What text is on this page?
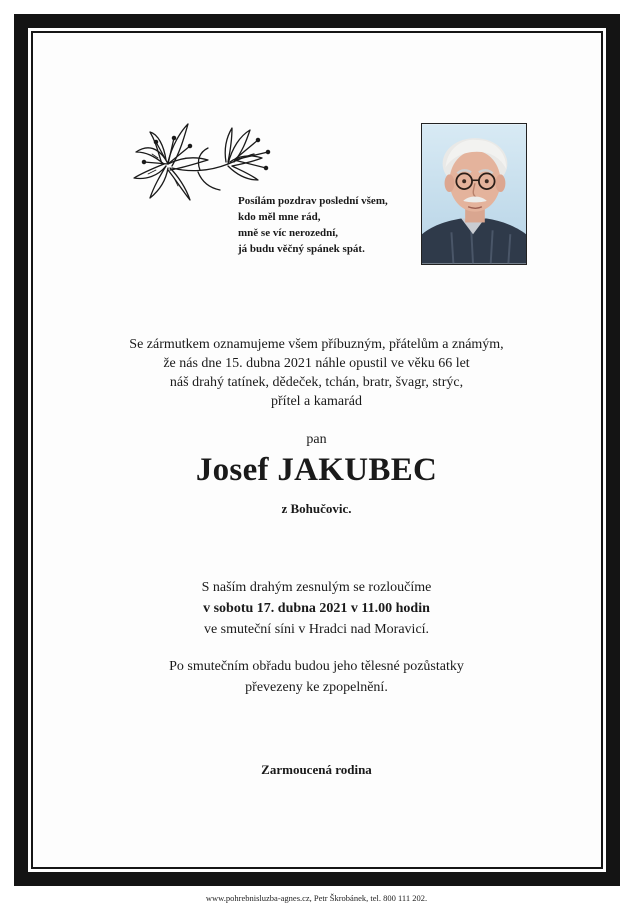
Posílám pozdrav poslední všem,
kdo měl mne rád,
mně se víc nerozední,
já budu věčný spánek spát.
Se zármutkem oznamujeme všem příbuzným, přátelům a známým,
že nás dne 15. dubna 2021 náhle opustil ve věku 66 let
náš drahý tatínek, dědeček, tchán, bratr, švagr, strýc,
přítel a kamarád
pan
Josef JAKUBEC
z Bohučovic.
S naším drahým zesnulým se rozloučíme
v sobotu 17. dubna 2021 v 11.00 hodin
ve smuteční síni v Hradci nad Moravicí.
Po smutečním obřadu budou jeho tělesné pozůstatky
převezeny ke zpopelnění.
Zarmoucená rodina
www.pohrebnisluzba-agnes.cz, Petr Škrobánek, tel. 800 111 202.
